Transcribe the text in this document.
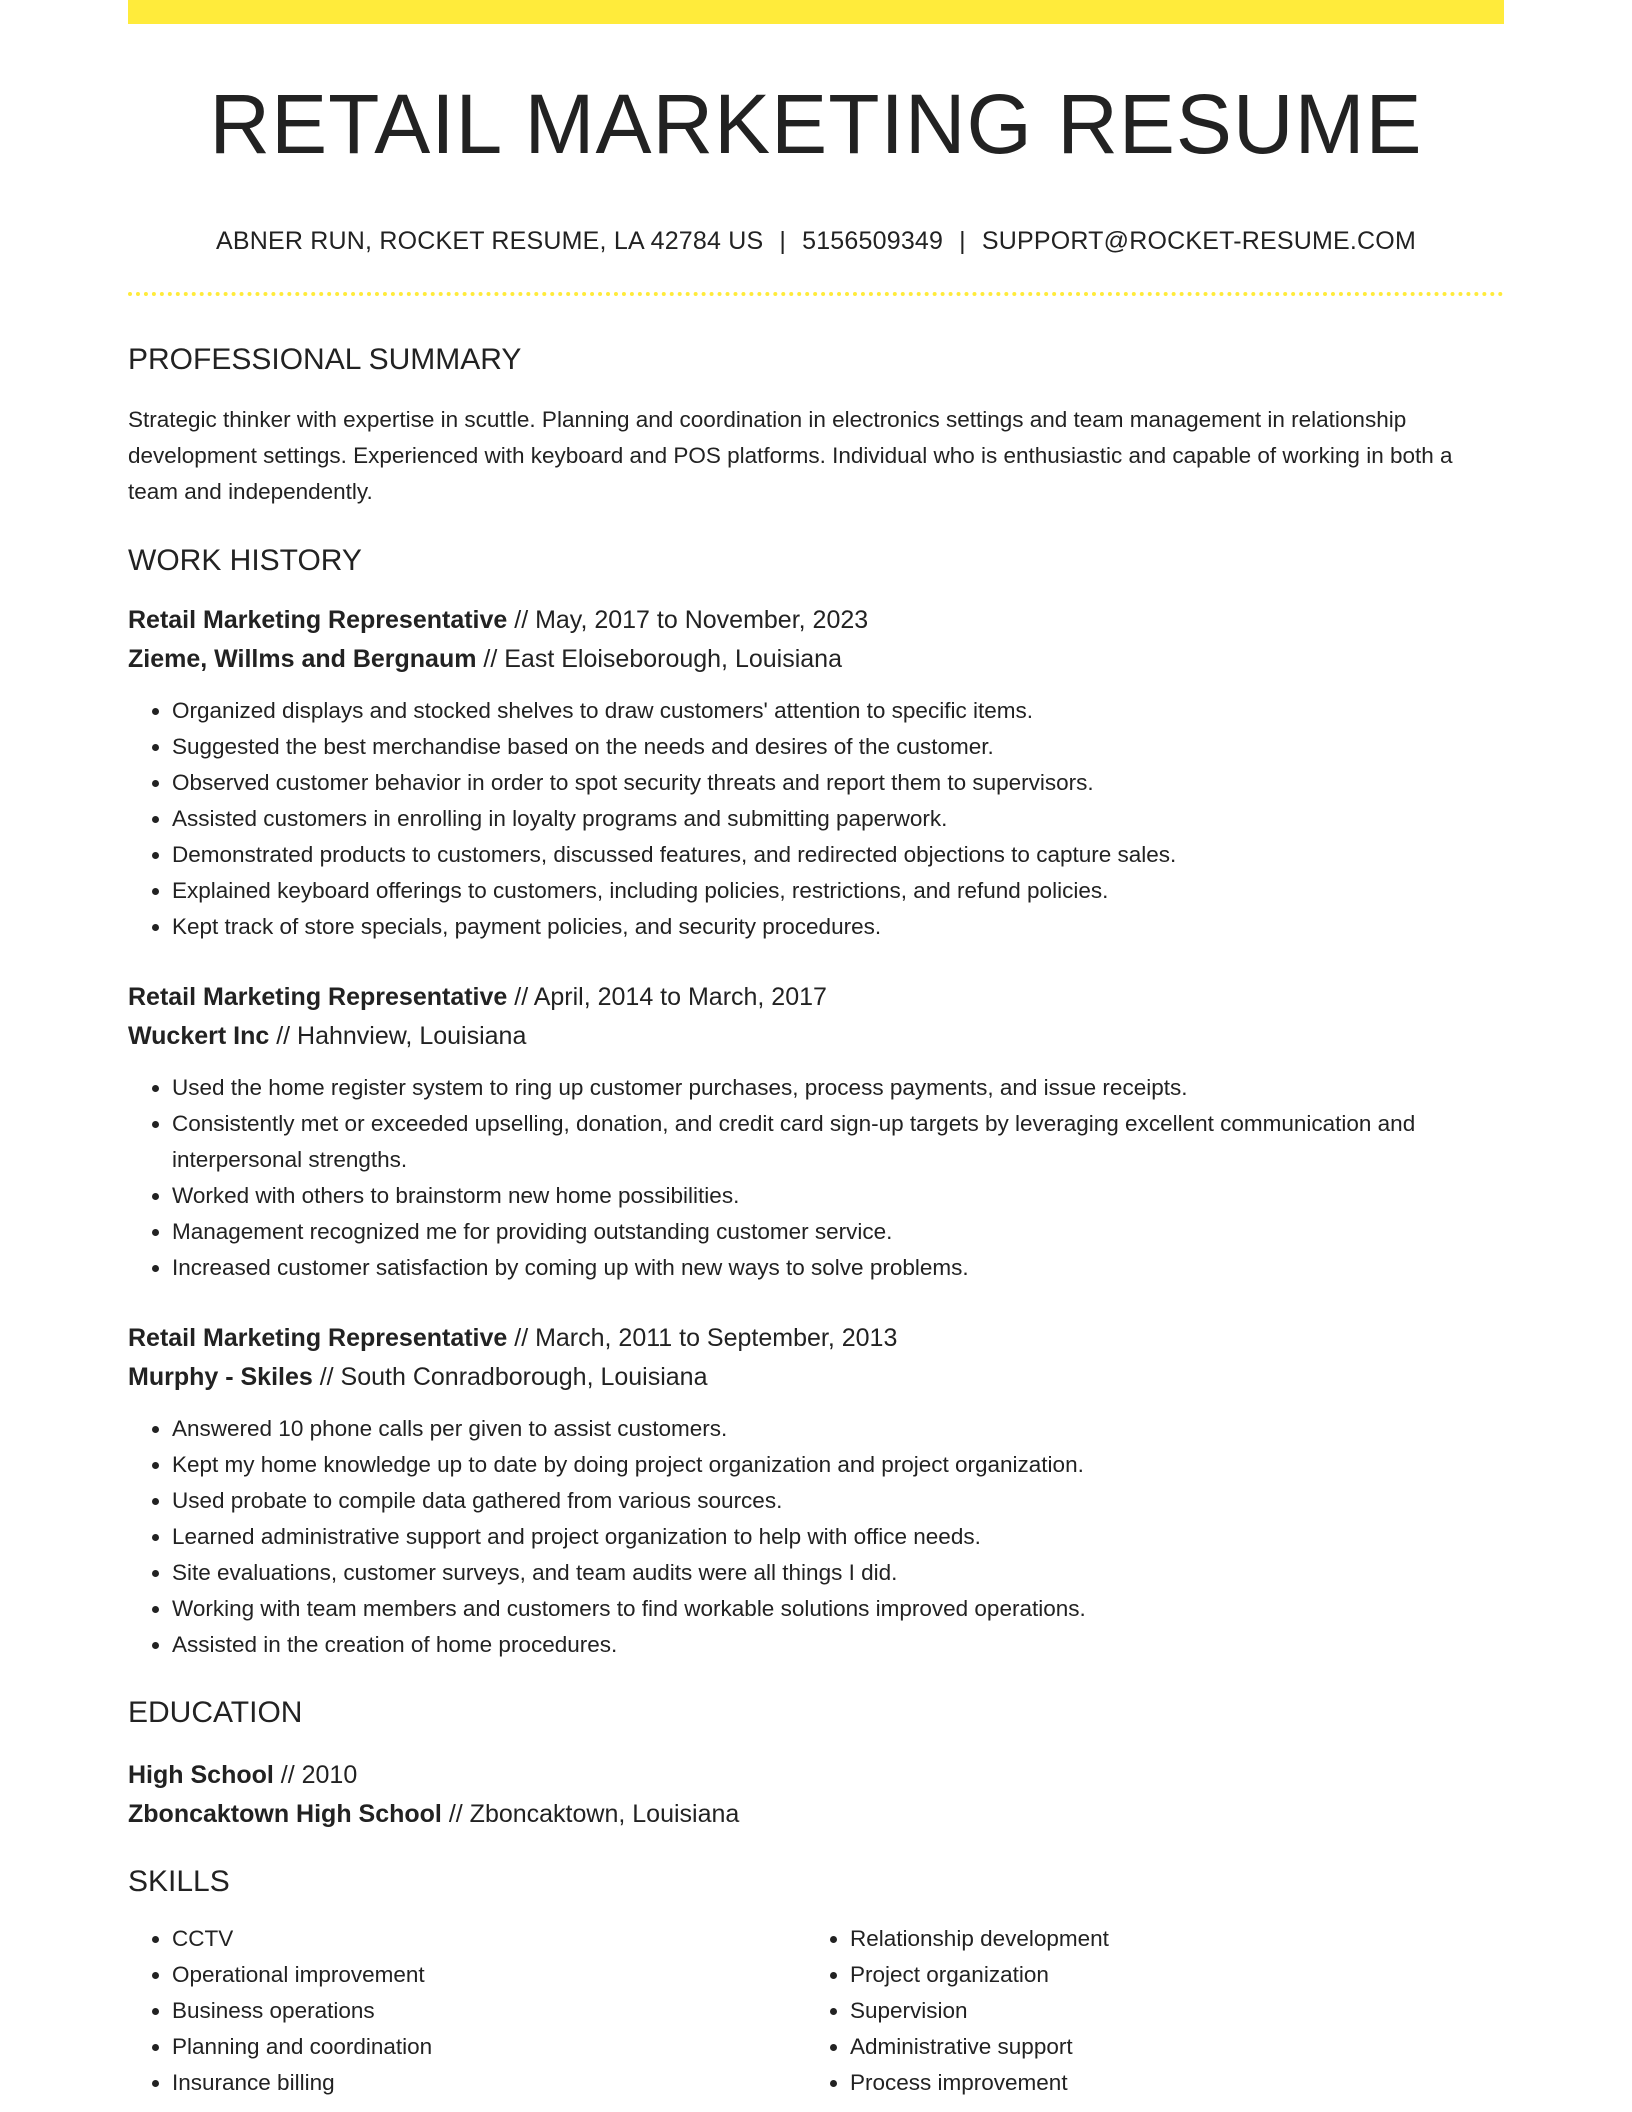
RETAIL MARKETING RESUME
ABNER RUN, ROCKET RESUME, LA 42784 US | 5156509349 | SUPPORT@ROCKET-RESUME.COM
PROFESSIONAL SUMMARY

Strategic thinker with expertise in scuttle. Planning and coordination in electronics settings and team management in relationship development settings. Experienced with keyboard and POS platforms. Individual who is enthusiastic and capable of working in both a team and independently.

WORK HISTORY
Retail Marketing Representative // May, 2017 to November, 2023
Zieme, Willms and Bergnaum // East Eloiseborough, Louisiana
• Organized displays and stocked shelves to draw customers' attention to specific items.
• Suggested the best merchandise based on the needs and desires of the customer.
• Observed customer behavior in order to spot security threats and report them to supervisors.
• Assisted customers in enrolling in loyalty programs and submitting paperwork.
• Demonstrated products to customers, discussed features, and redirected objections to capture sales.
• Explained keyboard offerings to customers, including policies, restrictions, and refund policies.
• Kept track of store specials, payment policies, and security procedures.
Retail Marketing Representative // April, 2014 to March, 2017
Wuckert Inc // Hahnview, Louisiana
• Used the home register system to ring up customer purchases, process payments, and issue receipts.
• Consistently met or exceeded upselling, donation, and credit card sign-up targets by leveraging excellent communication and interpersonal strengths.
• Worked with others to brainstorm new home possibilities.
• Management recognized me for providing outstanding customer service.
• Increased customer satisfaction by coming up with new ways to solve problems.
Retail Marketing Representative // March, 2011 to September, 2013
Murphy - Skiles // South Conradborough, Louisiana
• Answered 10 phone calls per given to assist customers.
• Kept my home knowledge up to date by doing project organization and project organization.
• Used probate to compile data gathered from various sources.
• Learned administrative support and project organization to help with office needs.
• Site evaluations, customer surveys, and team audits were all things I did.
• Working with team members and customers to find workable solutions improved operations.
• Assisted in the creation of home procedures.
EDUCATION
High School // 2010
Zboncaktown High School // Zboncaktown, Louisiana
SKILLS
• CCTV
• Operational improvement
• Business operations
• Planning and coordination
• Insurance billing
• Relationship development
• Project organization
• Supervision
• Administrative support
• Process improvement
